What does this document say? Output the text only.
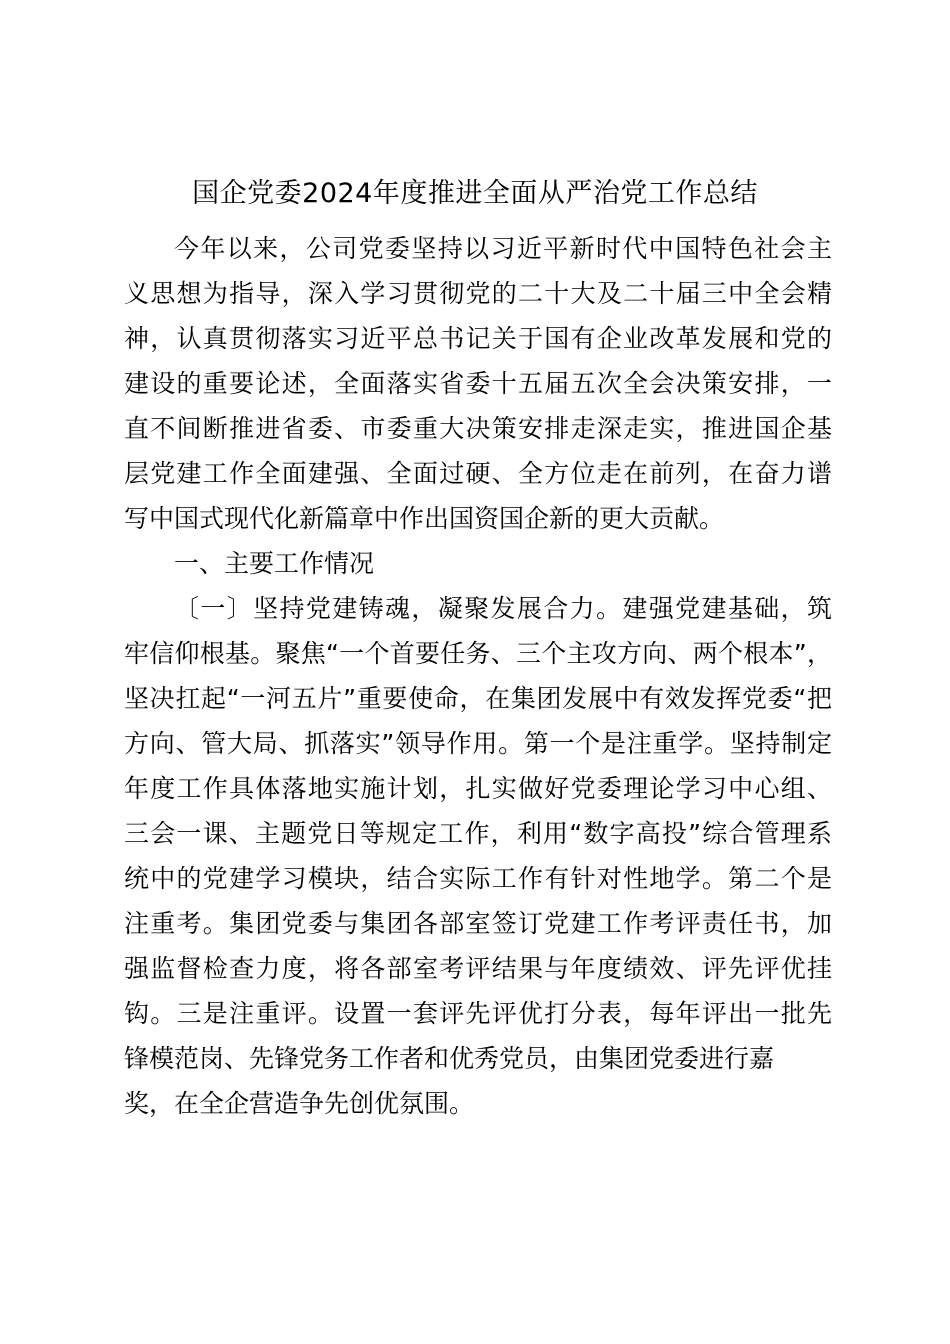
国企党委2024年度推进全面从严治党工作总结
今年以来，公司党委坚持以习近平新时代中国特色社会主
义思想为指导，深入学习贯彻党的二十大及二十届三中全会精
神，认真贯彻落实习近平总书记关于国有企业改革发展和党的
建设的重要论述，全面落实省委十五届五次全会决策安排，一
直不间断推进省委、市委重大决策安排走深走实，推进国企基
层党建工作全面建强、全面过硬、全方位走在前列，在奋力谱
写中国式现代化新篇章中作出国资国企新的更大贡献。
一、主要工作情况
〔一〕坚持党建铸魂，凝聚发展合力。建强党建基础，筑
牢信仰根基。聚焦“一个首要任务、三个主攻方向、两个根本”，
坚决扛起“一河五片”重要使命，在集团发展中有效发挥党委“把
方向、管大局、抓落实”领导作用。第一个是注重学。坚持制定
年度工作具体落地实施计划，扎实做好党委理论学习中心组、
三会一课、主题党日等规定工作，利用“数字高投”综合管理系
统中的党建学习模块，结合实际工作有针对性地学。第二个是
注重考。集团党委与集团各部室签订党建工作考评责任书，加
强监督检查力度，将各部室考评结果与年度绩效、评先评优挂
钩。三是注重评。设置一套评先评优打分表，每年评出一批先
锋模范岗、先锋党务工作者和优秀党员，由集团党委进行嘉
奖，在全企营造争先创优氛围。
